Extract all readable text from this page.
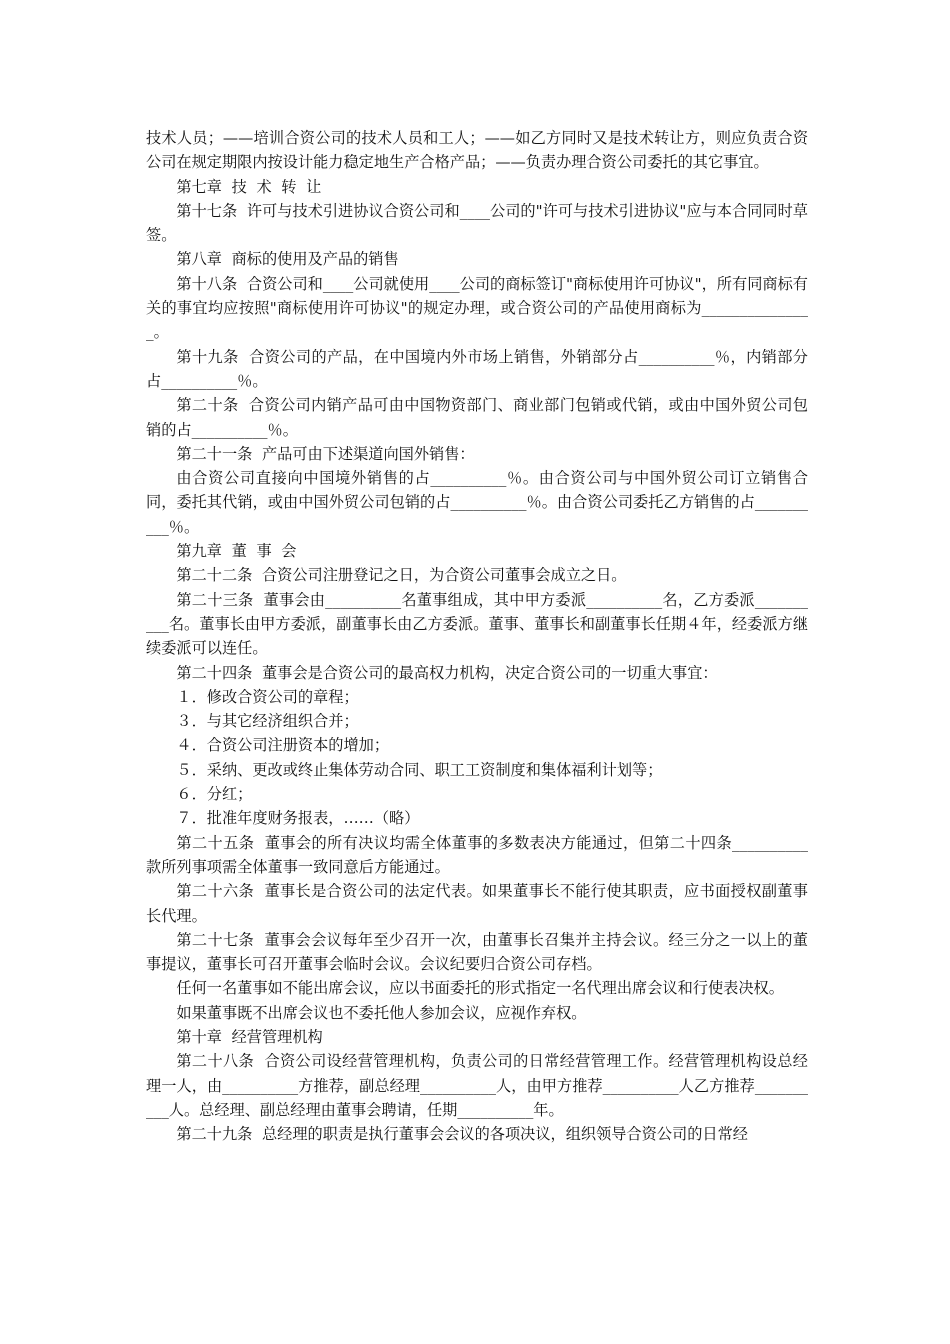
技术人员；——培训合资公司的技术人员和工人；——如乙方同时又是技术转让方，则应负责合资公司在规定期限内按设计能力稳定地生产合格产品；——负责办理合资公司委托的其它事宜。

第七章  技  术  转  让

第十七条  许可与技术引进协议合资公司和____公司的"许可与技术引进协议"应与本合同同时草签。

第八章  商标的使用及产品的销售

第十八条  合资公司和____公司就使用____公司的商标签订"商标使用许可协议"，所有同商标有关的事宜均应按照"商标使用许可协议"的规定办理，或合资公司的产品使用商标为_______________。

第十九条  合资公司的产品，在中国境内外市场上销售，外销部分占__________％，内销部分占__________％。

第二十条  合资公司内销产品可由中国物资部门、商业部门包销或代销，或由中国外贸公司包销的占__________％。

第二十一条  产品可由下述渠道向国外销售：

由合资公司直接向中国境外销售的占__________％。由合资公司与中国外贸公司订立销售合同，委托其代销，或由中国外贸公司包销的占__________％。由合资公司委托乙方销售的占__________％。

第九章  董  事  会

第二十二条  合资公司注册登记之日，为合资公司董事会成立之日。

第二十三条  董事会由__________名董事组成，其中甲方委派__________名，乙方委派__________名。董事长由甲方委派，副董事长由乙方委派。董事、董事长和副董事长任期４年，经委派方继续委派可以连任。

第二十四条  董事会是合资公司的最高权力机构，决定合资公司的一切重大事宜：

１．修改合资公司的章程；

３．与其它经济组织合并；

４．合资公司注册资本的增加；

５．采纳、更改或终止集体劳动合同、职工工资制度和集体福利计划等；

６．分红；

７．批准年度财务报表，……（略）

第二十五条  董事会的所有决议均需全体董事的多数表决方能通过，但第二十四条__________款所列事项需全体董事一致同意后方能通过。

第二十六条  董事长是合资公司的法定代表。如果董事长不能行使其职责，应书面授权副董事长代理。

第二十七条  董事会会议每年至少召开一次，由董事长召集并主持会议。经三分之一以上的董事提议，董事长可召开董事会临时会议。会议纪要归合资公司存档。

任何一名董事如不能出席会议，应以书面委托的形式指定一名代理出席会议和行使表决权。

如果董事既不出席会议也不委托他人参加会议，应视作弃权。

第十章  经营管理机构

第二十八条  合资公司设经营管理机构，负责公司的日常经营管理工作。经营管理机构设总经理一人，由__________方推荐，副总经理__________人，由甲方推荐__________人乙方推荐__________人。总经理、副总经理由董事会聘请，任期__________年。

第二十九条  总经理的职责是执行董事会会议的各项决议，组织领导合资公司的日常经
